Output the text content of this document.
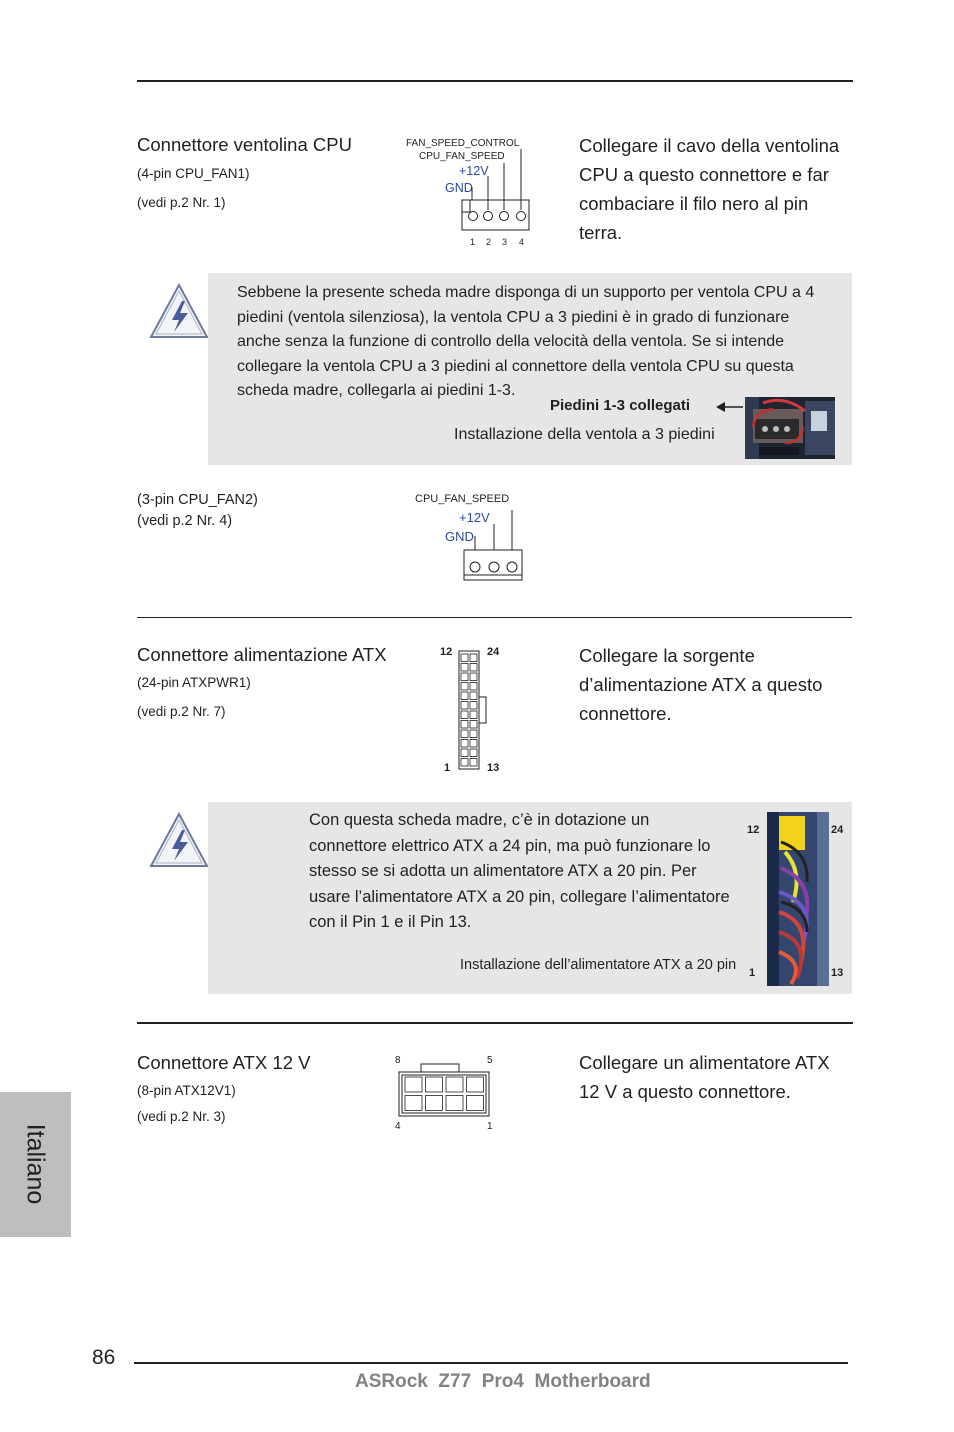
Connettore ventolina CPU
(4-pin CPU_FAN1)
(vedi p.2 Nr. 1)
FAN_SPEED_CONTROL
CPU_FAN_SPEED
+12V
GND
1 2 3 4
Collegare il cavo della ventolina
CPU a questo connettore e far
combaciare il filo nero al pin
terra.
Sebbene la presente scheda madre disponga di un supporto per ventola CPU a 4
piedini (ventola silenziosa), la ventola CPU a 3 piedini è in grado di funzionare
anche senza la funzione di controllo della velocità della ventola. Se si intende
collegare la ventola CPU a 3 piedini al connettore della ventola CPU su questa
scheda madre, collegarla ai piedini 1-3.
Piedini 1-3 collegati
Installazione della ventola a 3 piedini
(3-pin CPU_FAN2)
(vedi p.2 Nr. 4)
CPU_FAN_SPEED
+12V
GND
Connettore alimentazione ATX
(24-pin ATXPWR1)
(vedi p.2 Nr. 7)
12	24
1	13
Collegare la sorgente
d’alimentazione ATX a questo
connettore.
Con questa scheda madre, c’è in dotazione un
connettore elettrico ATX a 24 pin, ma può funzionare lo
stesso se si adotta un alimentatore ATX a 20 pin. Per
usare l’alimentatore ATX a 20 pin, collegare l’alimentatore
con il Pin 1 e il Pin 13.
Installazione dell’alimentatore ATX a 20 pin
12	24
1	13
Connettore ATX 12 V
(8-pin ATX12V1)
(vedi p.2 Nr. 3)
8	5
4	1
Collegare un alimentatore ATX
12 V a questo connettore.
Italiano
86
ASRock  Z77  Pro4  Motherboard
